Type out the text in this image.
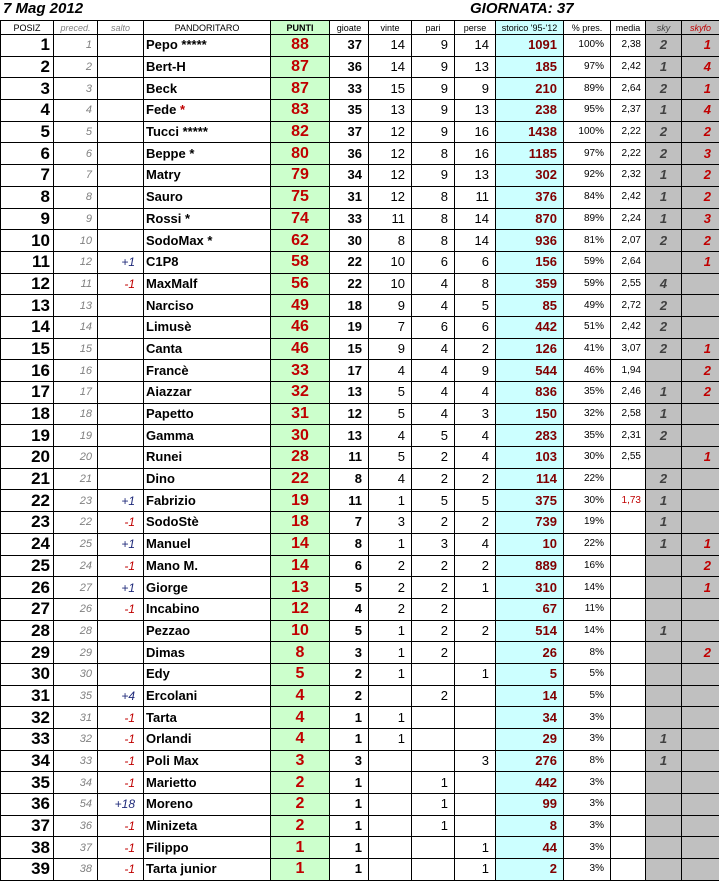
7 Mag 2012	GIORNATA: 37
POSIZ	preced.	salto	PANDORITARO	PUNTI	gioate	vinte	pari	perse	storico '95-'12	% pres.	media	sky	skyfo
1	1		Pepo *****	88	37	14	9	14	1091	100%	2,38	2	1
2	2		Bert-H	87	36	14	9	13	185	97%	2,42	1	4
3	3		Beck	87	33	15	9	9	210	89%	2,64	2	1
4	4		Fede *	83	35	13	9	13	238	95%	2,37	1	4
5	5		Tucci *****	82	37	12	9	16	1438	100%	2,22	2	2
6	6		Beppe *	80	36	12	8	16	1185	97%	2,22	2	3
7	7		Matry	79	34	12	9	13	302	92%	2,32	1	2
8	8		Sauro	75	31	12	8	11	376	84%	2,42	1	2
9	9		Rossi *	74	33	11	8	14	870	89%	2,24	1	3
10	10		SodoMax *	62	30	8	8	14	936	81%	2,07	2	2
11	12	+1	C1P8	58	22	10	6	6	156	59%	2,64		1
12	11	-1	MaxMalf	56	22	10	4	8	359	59%	2,55	4	
13	13		Narciso	49	18	9	4	5	85	49%	2,72	2	
14	14		Limusè	46	19	7	6	6	442	51%	2,42	2	
15	15		Canta	46	15	9	4	2	126	41%	3,07	2	1
16	16		Francè	33	17	4	4	9	544	46%	1,94		2
17	17		Aiazzar	32	13	5	4	4	836	35%	2,46	1	2
18	18		Papetto	31	12	5	4	3	150	32%	2,58	1	
19	19		Gamma	30	13	4	5	4	283	35%	2,31	2	
20	20		Runei	28	11	5	2	4	103	30%	2,55		1
21	21		Dino	22	8	4	2	2	114	22%		2	
22	23	+1	Fabrizio	19	11	1	5	5	375	30%	1,73	1	
23	22	-1	SodoStè	18	7	3	2	2	739	19%		1	
24	25	+1	Manuel	14	8	1	3	4	10	22%		1	1
25	24	-1	Mano M.	14	6	2	2	2	889	16%			2
26	27	+1	Giorge	13	5	2	2	1	310	14%			1
27	26	-1	Incabino	12	4	2	2		67	11%			
28	28		Pezzao	10	5	1	2	2	514	14%		1	
29	29		Dimas	8	3	1	2		26	8%			2
30	30		Edy	5	2	1		1	5	5%			
31	35	+4	Ercolani	4	2		2		14	5%			
32	31	-1	Tarta	4	1	1			34	3%			
33	32	-1	Orlandi	4	1	1			29	3%		1	
34	33	-1	Poli Max	3	3			3	276	8%		1	
35	34	-1	Marietto	2	1		1		442	3%			
36	54	+18	Moreno	2	1		1		99	3%			
37	36	-1	Minizeta	2	1		1		8	3%			
38	37	-1	Filippo	1	1			1	44	3%			
39	38	-1	Tarta junior	1	1			1	2	3%			
